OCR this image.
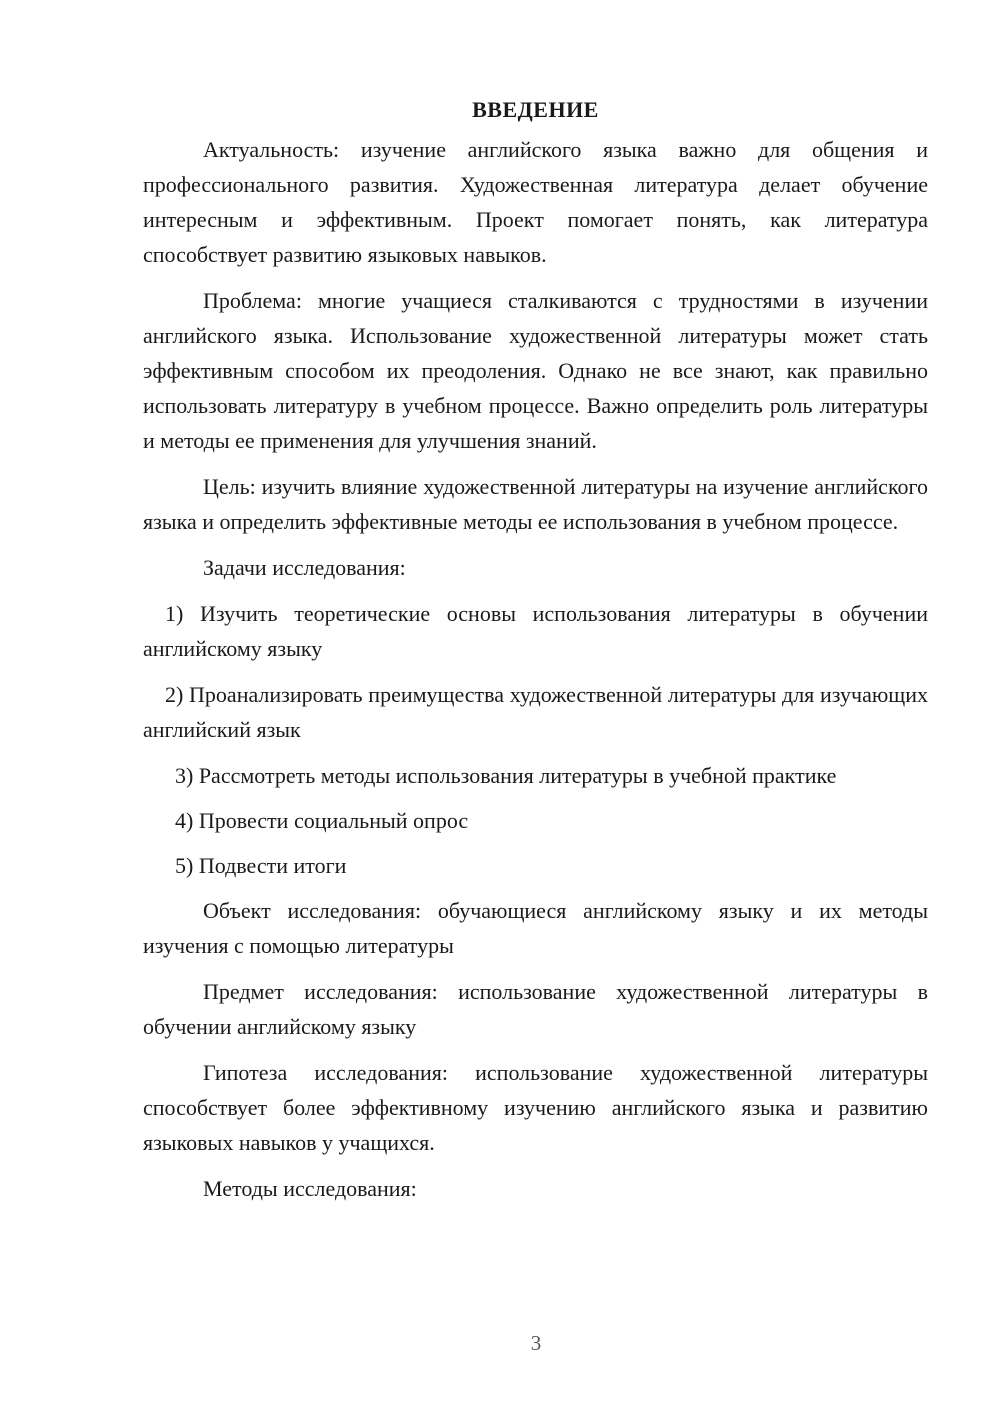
ВВЕДЕНИЕ

Актуальность: изучение английского языка важно для общения и профессионального развития. Художественная литература делает обучение интересным и эффективным. Проект помогает понять, как литература способствует развитию языковых навыков.

Проблема: многие учащиеся сталкиваются с трудностями в изучении английского языка. Использование художественной литературы может стать эффективным способом их преодоления. Однако не все знают, как правильно использовать литературу в учебном процессе. Важно определить роль литературы и методы ее применения для улучшения знаний.

Цель: изучить влияние художественной литературы на изучение английского языка и определить эффективные методы ее использования в учебном процессе.

Задачи исследования:

1) Изучить теоретические основы использования литературы в обучении английскому языку

2) Проанализировать преимущества художественной литературы для изучающих английский язык

3) Рассмотреть методы использования литературы в учебной практике

4) Провести социальный опрос

5) Подвести итоги

Объект исследования: обучающиеся английскому языку и их методы изучения с помощью литературы

Предмет исследования: использование художественной литературы в обучении английскому языку

Гипотеза исследования: использование художественной литературы способствует более эффективному изучению английского языка и развитию языковых навыков у учащихся.

Методы исследования:

3
